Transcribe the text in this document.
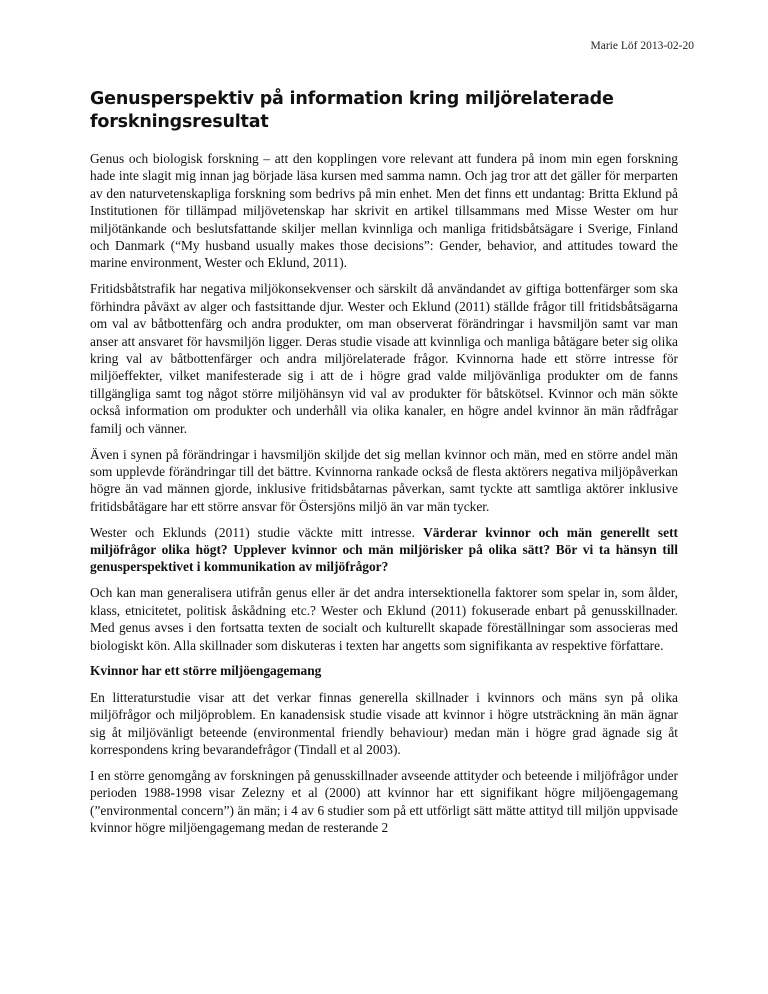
Marie Löf 2013-02-20
Genusperspektiv på information kring miljörelaterade forskningsresultat

Genus och biologisk forskning – att den kopplingen vore relevant att fundera på inom min egen forskning hade inte slagit mig innan jag började läsa kursen med samma namn. Och jag tror att det gäller för merparten av den naturvetenskapliga forskning som bedrivs på min enhet. Men det finns ett undantag: Britta Eklund på Institutionen för tillämpad miljövetenskap har skrivit en artikel tillsammans med Misse Wester om hur miljötänkande och beslutsfattande skiljer mellan kvinnliga och manliga fritidsbåtsägare i Sverige, Finland och Danmark (“My husband usually makes those decisions”: Gender, behavior, and attitudes toward the marine environment, Wester och Eklund, 2011).

Fritidsbåtstrafik har negativa miljökonsekvenser och särskilt då användandet av giftiga bottenfärger som ska förhindra påväxt av alger och fastsittande djur. Wester och Eklund (2011) ställde frågor till fritidsbåtsägarna om val av båtbottenfärg och andra produkter, om man observerat förändringar i havsmiljön samt var man anser att ansvaret för havsmiljön ligger. Deras studie visade att kvinnliga och manliga båtägare beter sig olika kring val av båtbottenfärger och andra miljörelaterade frågor. Kvinnorna hade ett större intresse för miljöeffekter, vilket manifesterade sig i att de i högre grad valde miljövänliga produkter om de fanns tillgängliga samt tog något större miljöhänsyn vid val av produkter för båtskötsel. Kvinnor och män sökte också information om produkter och underhåll via olika kanaler, en högre andel kvinnor än män rådfrågar familj och vänner.

Även i synen på förändringar i havsmiljön skiljde det sig mellan kvinnor och män, med en större andel män som upplevde förändringar till det bättre. Kvinnorna rankade också de flesta aktörers negativa miljöpåverkan högre än vad männen gjorde, inklusive fritidsbåtarnas påverkan, samt tyckte att samtliga aktörer inklusive fritidsbåtägare har ett större ansvar för Östersjöns miljö än var män tycker.

Wester och Eklunds (2011) studie väckte mitt intresse. Värderar kvinnor och män generellt sett miljöfrågor olika högt? Upplever kvinnor och män miljörisker på olika sätt? Bör vi ta hänsyn till genusperspektivet i kommunikation av miljöfrågor?

Och kan man generalisera utifrån genus eller är det andra intersektionella faktorer som spelar in, som ålder, klass, etnicitetet, politisk åskådning etc.? Wester och Eklund (2011) fokuserade enbart på genusskillnader. Med genus avses i den fortsatta texten de socialt och kulturellt skapade föreställningar som associeras med biologiskt kön. Alla skillnader som diskuteras i texten har angetts som signifikanta av respektive författare.

Kvinnor har ett större miljöengagemang

En litteraturstudie visar att det verkar finnas generella skillnader i kvinnors och mäns syn på olika miljöfrågor och miljöproblem. En kanadensisk studie visade att kvinnor i högre utsträckning än män ägnar sig åt miljövänligt beteende (environmental friendly behaviour) medan män i högre grad ägnade sig åt korrespondens kring bevarandefrågor (Tindall et al 2003).

I en större genomgång av forskningen på genusskillnader avseende attityder och beteende i miljöfrågor under perioden 1988-1998 visar Zelezny et al (2000) att kvinnor har ett signifikant högre miljöengagemang (”environmental concern”) än män; i 4 av 6 studier som på ett utförligt sätt mätte attityd till miljön uppvisade kvinnor högre miljöengagemang medan de resterande 2
